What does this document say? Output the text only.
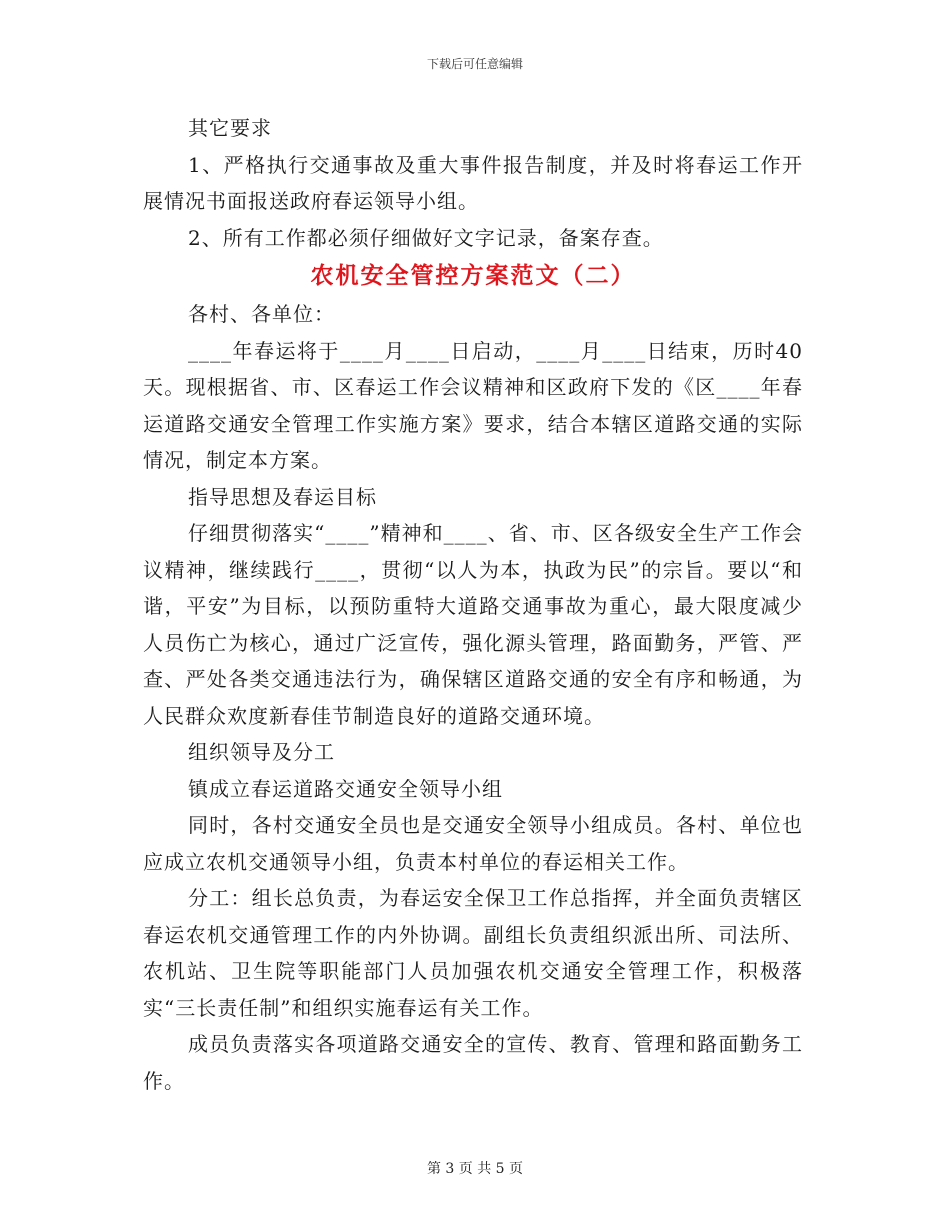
下载后可任意编辑

其它要求

1、严格执行交通事故及重大事件报告制度，并及时将春运工作开展情况书面报送政府春运领导小组。

2、所有工作都必须仔细做好文字记录，备案存查。

农机安全管控方案范文（二）

各村、各单位：

____年春运将于____月____日启动，____月____日结束，历时40天。现根据省、市、区春运工作会议精神和区政府下发的《区____年春运道路交通安全管理工作实施方案》要求，结合本辖区道路交通的实际情况，制定本方案。

指导思想及春运目标

仔细贯彻落实“____”精神和____、省、市、区各级安全生产工作会议精神，继续践行____，贯彻“以人为本，执政为民”的宗旨。要以“和谐，平安”为目标，以预防重特大道路交通事故为重心，最大限度减少人员伤亡为核心，通过广泛宣传，强化源头管理，路面勤务，严管、严查、严处各类交通违法行为，确保辖区道路交通的安全有序和畅通，为人民群众欢度新春佳节制造良好的道路交通环境。

组织领导及分工

镇成立春运道路交通安全领导小组

同时，各村交通安全员也是交通安全领导小组成员。各村、单位也应成立农机交通领导小组，负责本村单位的春运相关工作。

分工：组长总负责，为春运安全保卫工作总指挥，并全面负责辖区春运农机交通管理工作的内外协调。副组长负责组织派出所、司法所、农机站、卫生院等职能部门人员加强农机交通安全管理工作，积极落实“三长责任制”和组织实施春运有关工作。

成员负责落实各项道路交通安全的宣传、教育、管理和路面勤务工作。

第 3 页 共 5 页
